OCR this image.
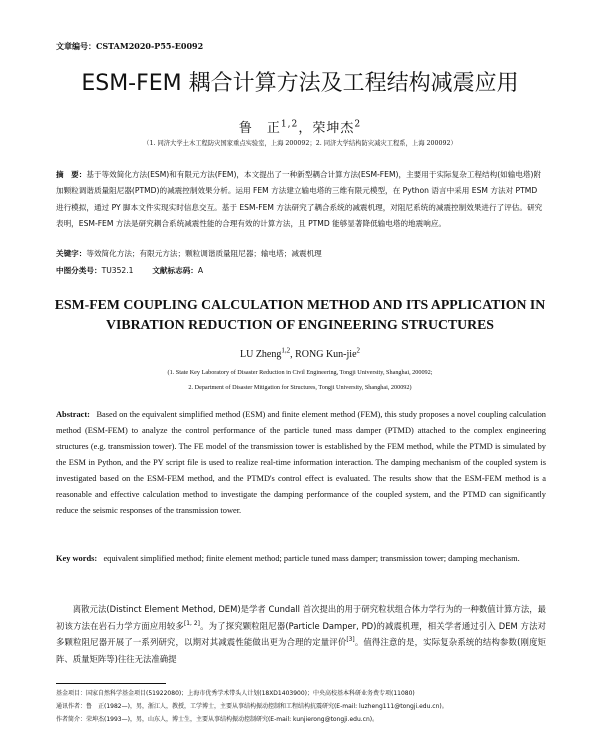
文章编号：CSTAM2020-P55-E0092
ESM-FEM 耦合计算方法及工程结构减震应用
鲁　正$^{1,2}$，荣坤杰$^2$
（1. 同济大学土木工程防灾国家重点实验室，上海 200092；2. 同济大学结构防灾减灾工程系，上海 200092）
摘　要：基于等效简化方法(ESM)和有限元方法(FEM)，本文提出了一种新型耦合计算方法(ESM-FEM)，主要用于实际复杂工程结构(如输电塔)附加颗粒调谐质量阻尼器(PTMD)的减震控制效果分析。运用 FEM 方法建立输电塔的三维有限元模型，在 Python 语言中采用 ESM 方法对 PTMD 进行模拟，通过 PY 脚本文件实现实时信息交互。基于 ESM-FEM 方法研究了耦合系统的减震机理，对阻尼系统的减震控制效果进行了评估。研究表明，ESM-FEM 方法是研究耦合系统减震性能的合理有效的计算方法，且 PTMD 能够显著降低输电塔的地震响应。
关键字：等效简化方法；有限元方法；颗粒调谐质量阻尼器；输电塔；减震机理
中图分类号：TU352.1 文献标志码：A
ESM-FEM COUPLING CALCULATION METHOD AND ITS APPLICATION IN VIBRATION REDUCTION OF ENGINEERING STRUCTURES
LU Zheng$^{1,2}$, RONG Kun-jie$^2$
(1. State Key Laboratory of Disaster Reduction in Civil Engineering, Tongji University, Shanghai, 200092;
2. Department of Disaster Mitigation for Structures, Tongji University, Shanghai, 200092)
Abstract: Based on the equivalent simplified method (ESM) and finite element method (FEM), this study proposes a novel coupling calculation method (ESM-FEM) to analyze the control performance of the particle tuned mass damper (PTMD) attached to the complex engineering structures (e.g. transmission tower). The FE model of the transmission tower is established by the FEM method, while the PTMD is simulated by the ESM in Python, and the PY script file is used to realize real-time information interaction. The damping mechanism of the coupled system is investigated based on the ESM-FEM method, and the PTMD's control effect is evaluated. The results show that the ESM-FEM method is a reasonable and effective calculation method to investigate the damping performance of the coupled system, and the PTMD can significantly reduce the seismic responses of the transmission tower.
Key words: equivalent simplified method; finite element method; particle tuned mass damper; transmission tower; damping mechanism.
离散元法(Distinct Element Method, DEM)是学者 Cundall 首次提出的用于研究粒状组合体力学行为的一种数值计算方法，最初该方法在岩石力学方面应用较多[1, 2]。为了探究颗粒阻尼器(Particle Damper, PD)的减震机理，相关学者通过引入 DEM 方法对多颗粒阻尼器开展了一系列研究，以期对其减震性能做出更为合理的定量评价[3]。值得注意的是，实际复杂系统的结构参数(刚度矩阵、质量矩阵等)往往无法准确提
基金项目：国家自然科学基金项目(51922080)；上海市优秀学术带头人计划(18XD1403900)；中央高校基本科研业务费专项(11080)
通讯作者：鲁　正(1982—)，男，浙江人，教授，工学博士，主要从事结构振动控制和工程结构抗震研究(E-mail: luzheng111@tongji.edu.cn)。
作者简介：荣坤杰(1993—)，男，山东人，博士生，主要从事结构振动控制研究(E-mail: kunjierong@tongji.edu.cn)。
